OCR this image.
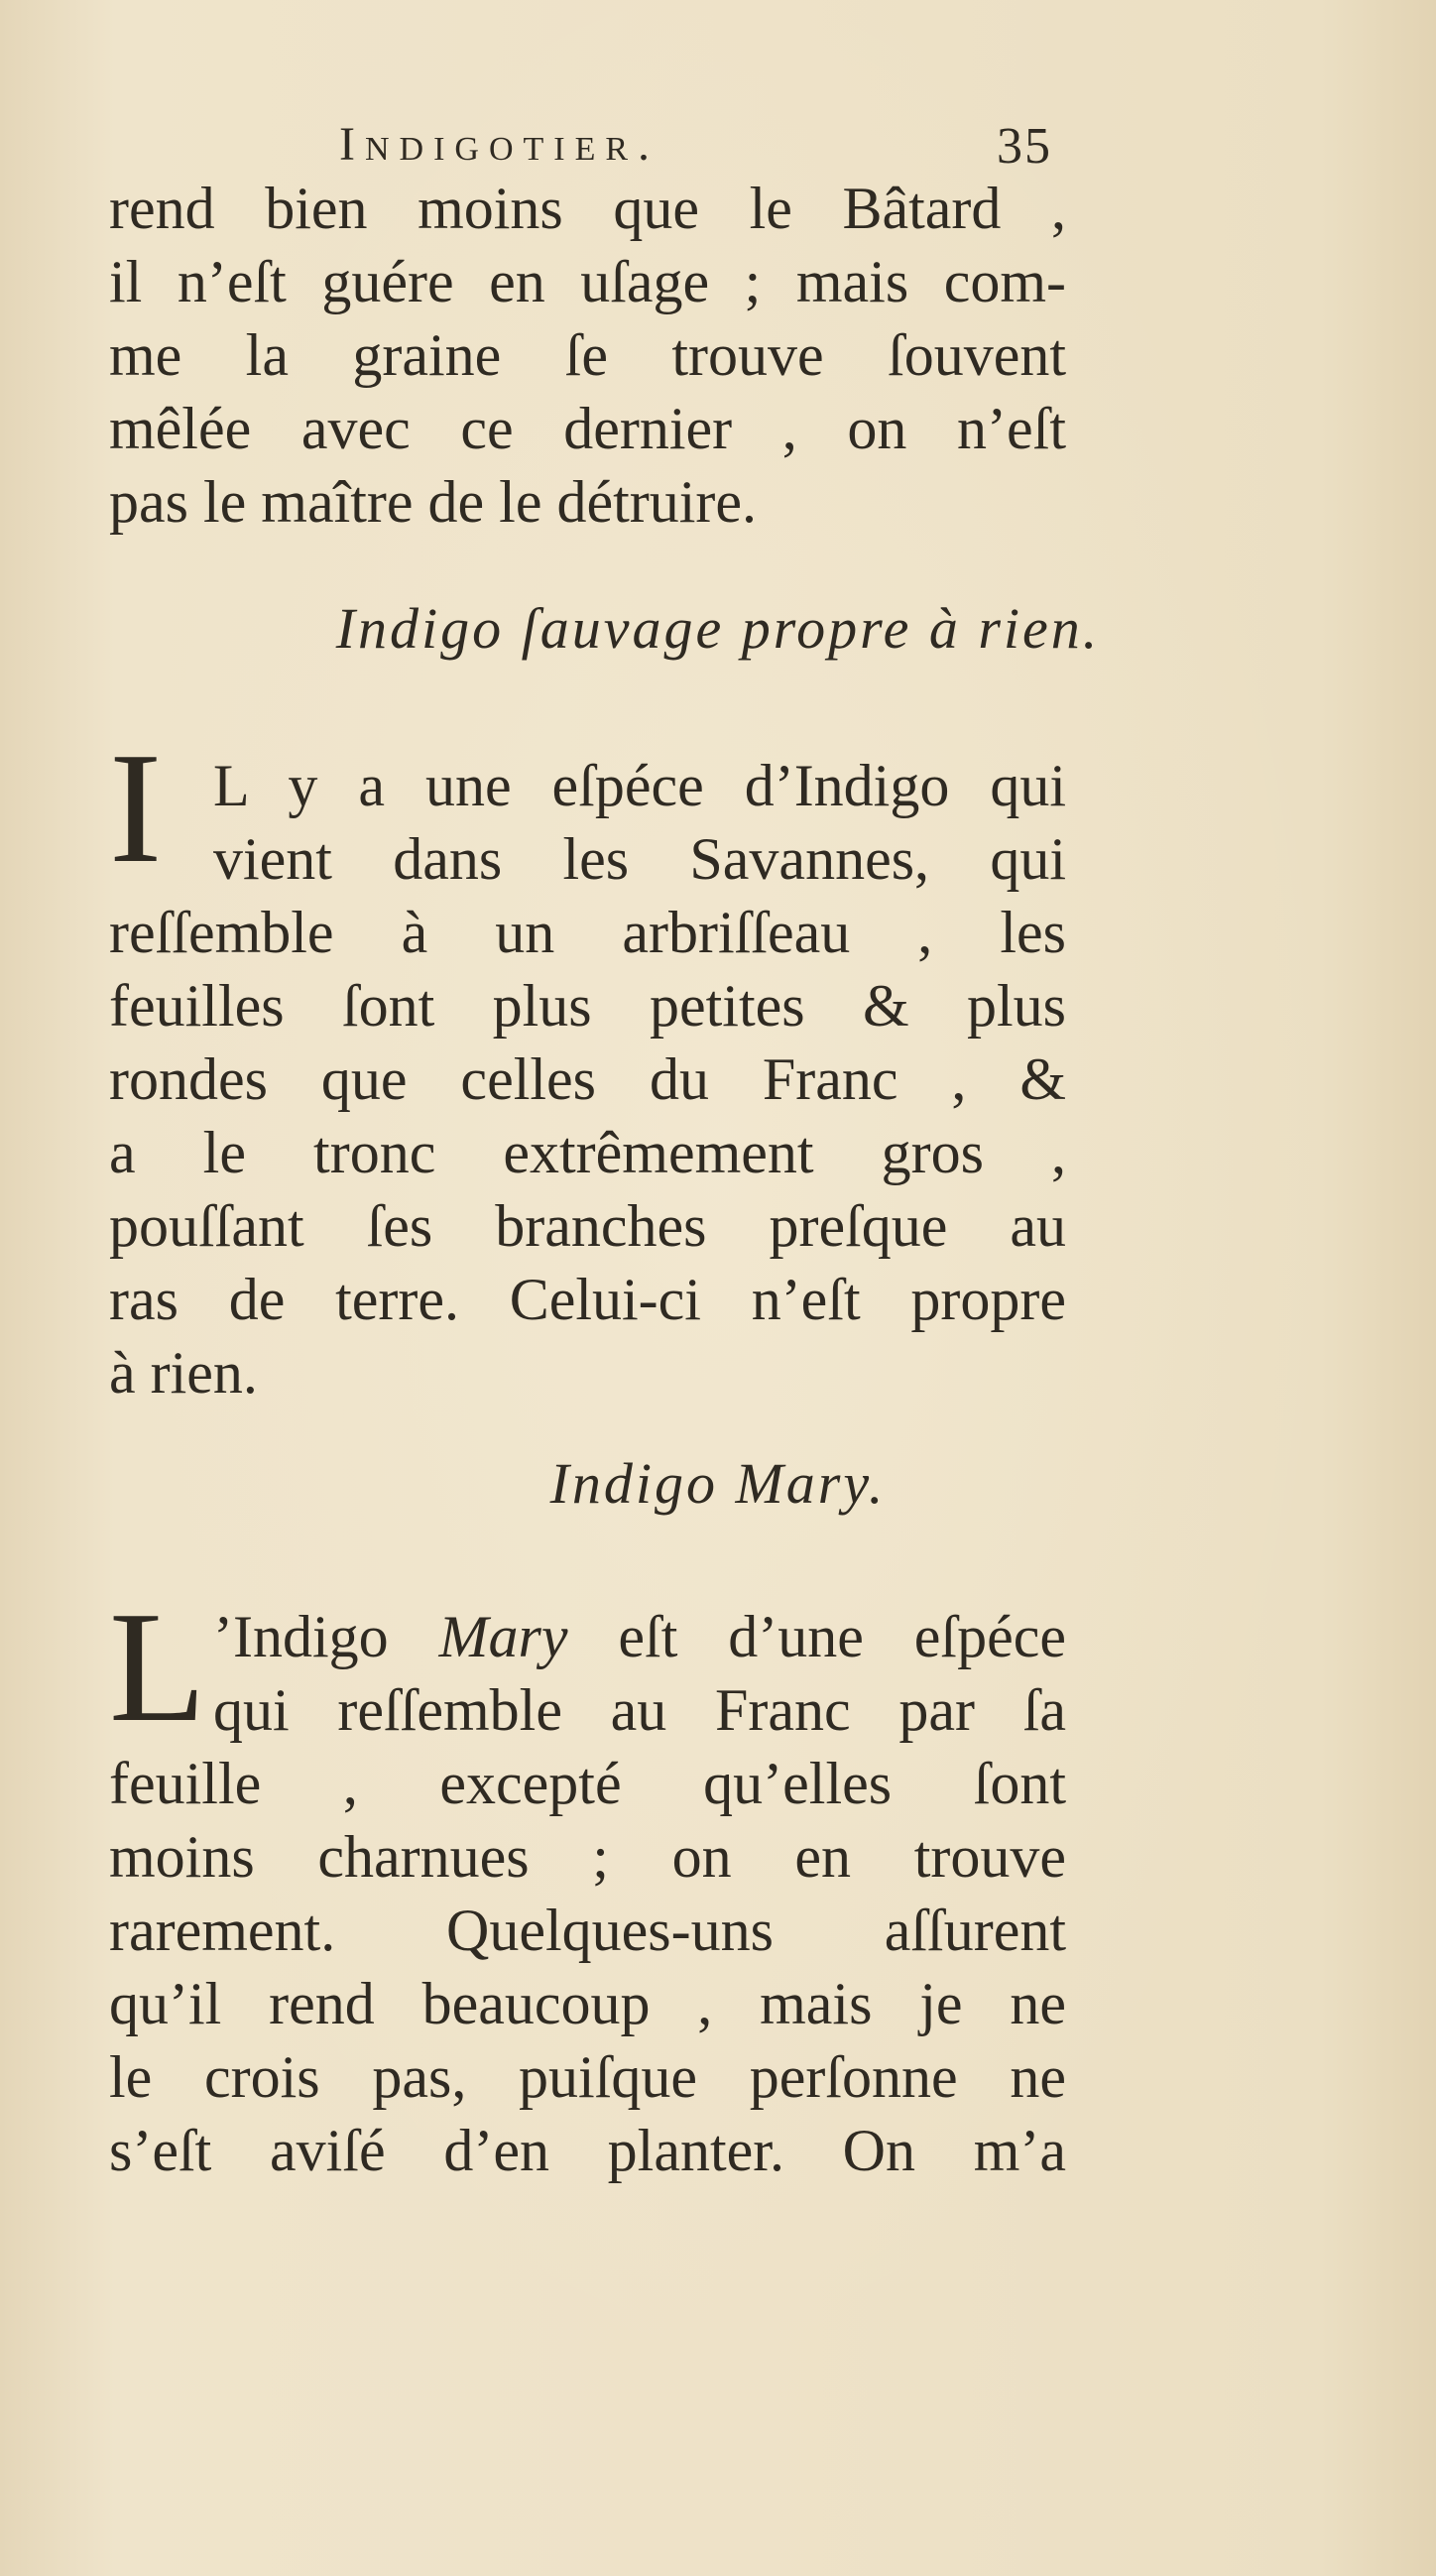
Indigotier.	35
rend bien moins que le Bâtard ,
il n’eſt guére en uſage ; mais com-
me la graine ſe trouve ſouvent
mêlée avec ce dernier , on n’eſt
pas le maître de le détruire.
Indigo ſauvage propre à rien.
I L y a une eſpéce d’Indigo qui
vient dans les Savannes, qui
reſſemble à un arbriſſeau , les
feuilles ſont plus petites & plus
rondes que celles du Franc , &
a le tronc extrêmement gros ,
pouſſant ſes branches preſque au
ras de terre. Celui-ci n’eſt propre
à rien.
Indigo Mary.
L ’Indigo Mary eſt d’une eſpéce
qui reſſemble au Franc par ſa
feuille , excepté qu’elles ſont
moins charnues ; on en trouve
rarement. Quelques-uns aſſurent
qu’il rend beaucoup , mais je ne
le crois pas, puiſque perſonne ne
s’eſt aviſé d’en planter. On m’a
